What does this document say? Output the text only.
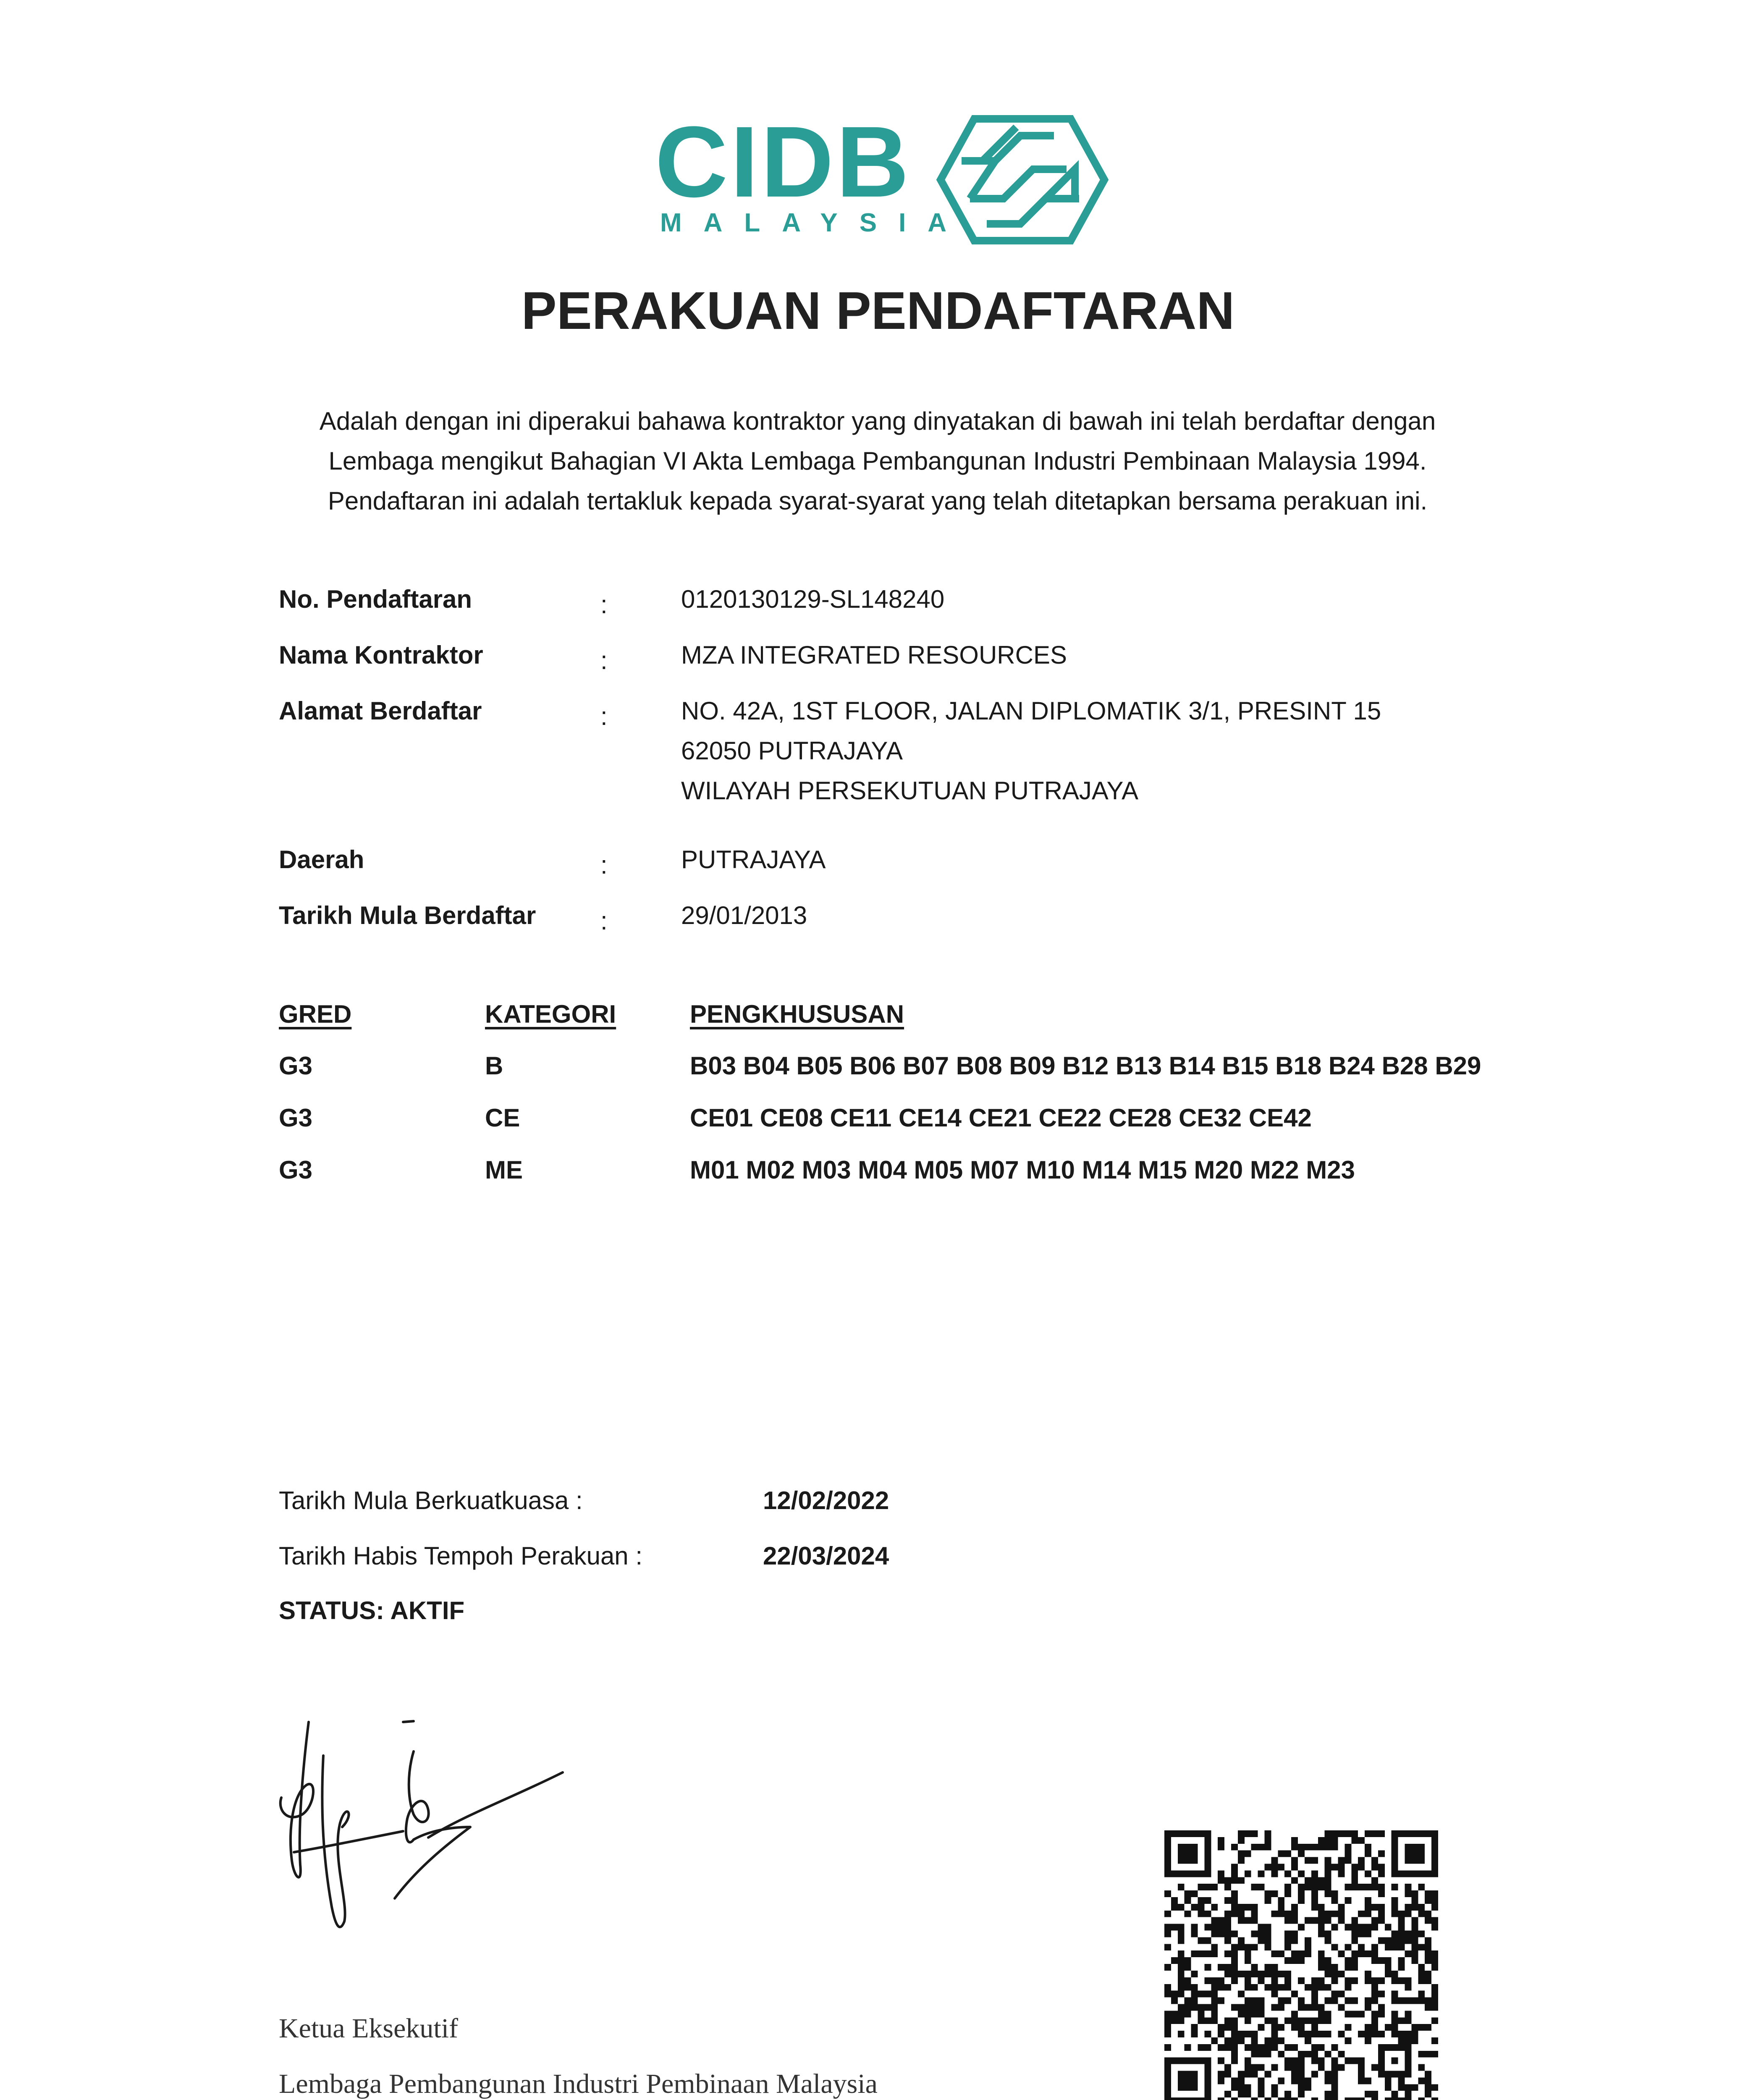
CIDB
MALAYSIA
PERAKUAN PENDAFTARAN
Adalah dengan ini diperakui bahawa kontraktor yang dinyatakan di bawah ini telah berdaftar dengan
Lembaga mengikut Bahagian VI Akta Lembaga Pembangunan Industri Pembinaan Malaysia 1994.
Pendaftaran ini adalah tertakluk kepada syarat-syarat yang telah ditetapkan bersama perakuan ini.
No. Pendaftaran	:	0120130129-SL148240
Nama Kontraktor	:	MZA INTEGRATED RESOURCES
Alamat Berdaftar	:	NO. 42A, 1ST FLOOR, JALAN DIPLOMATIK 3/1, PRESINT 15
62050 PUTRAJAYA
WILAYAH PERSEKUTUAN PUTRAJAYA
Daerah	:	PUTRAJAYA
Tarikh Mula Berdaftar	:	29/01/2013
GRED	KATEGORI	PENGKHUSUSAN
G3	B	B03 B04 B05 B06 B07 B08 B09 B12 B13 B14 B15 B18 B24 B28 B29
G3	CE	CE01 CE08 CE11 CE14 CE21 CE22 CE28 CE32 CE42
G3	ME	M01 M02 M03 M04 M05 M07 M10 M14 M15 M20 M22 M23
Tarikh Mula Berkuatkuasa :	12/02/2022
Tarikh Habis Tempoh Perakuan :	22/03/2024
STATUS: AKTIF
Ketua Eksekutif
Lembaga Pembangunan Industri Pembinaan Malaysia
